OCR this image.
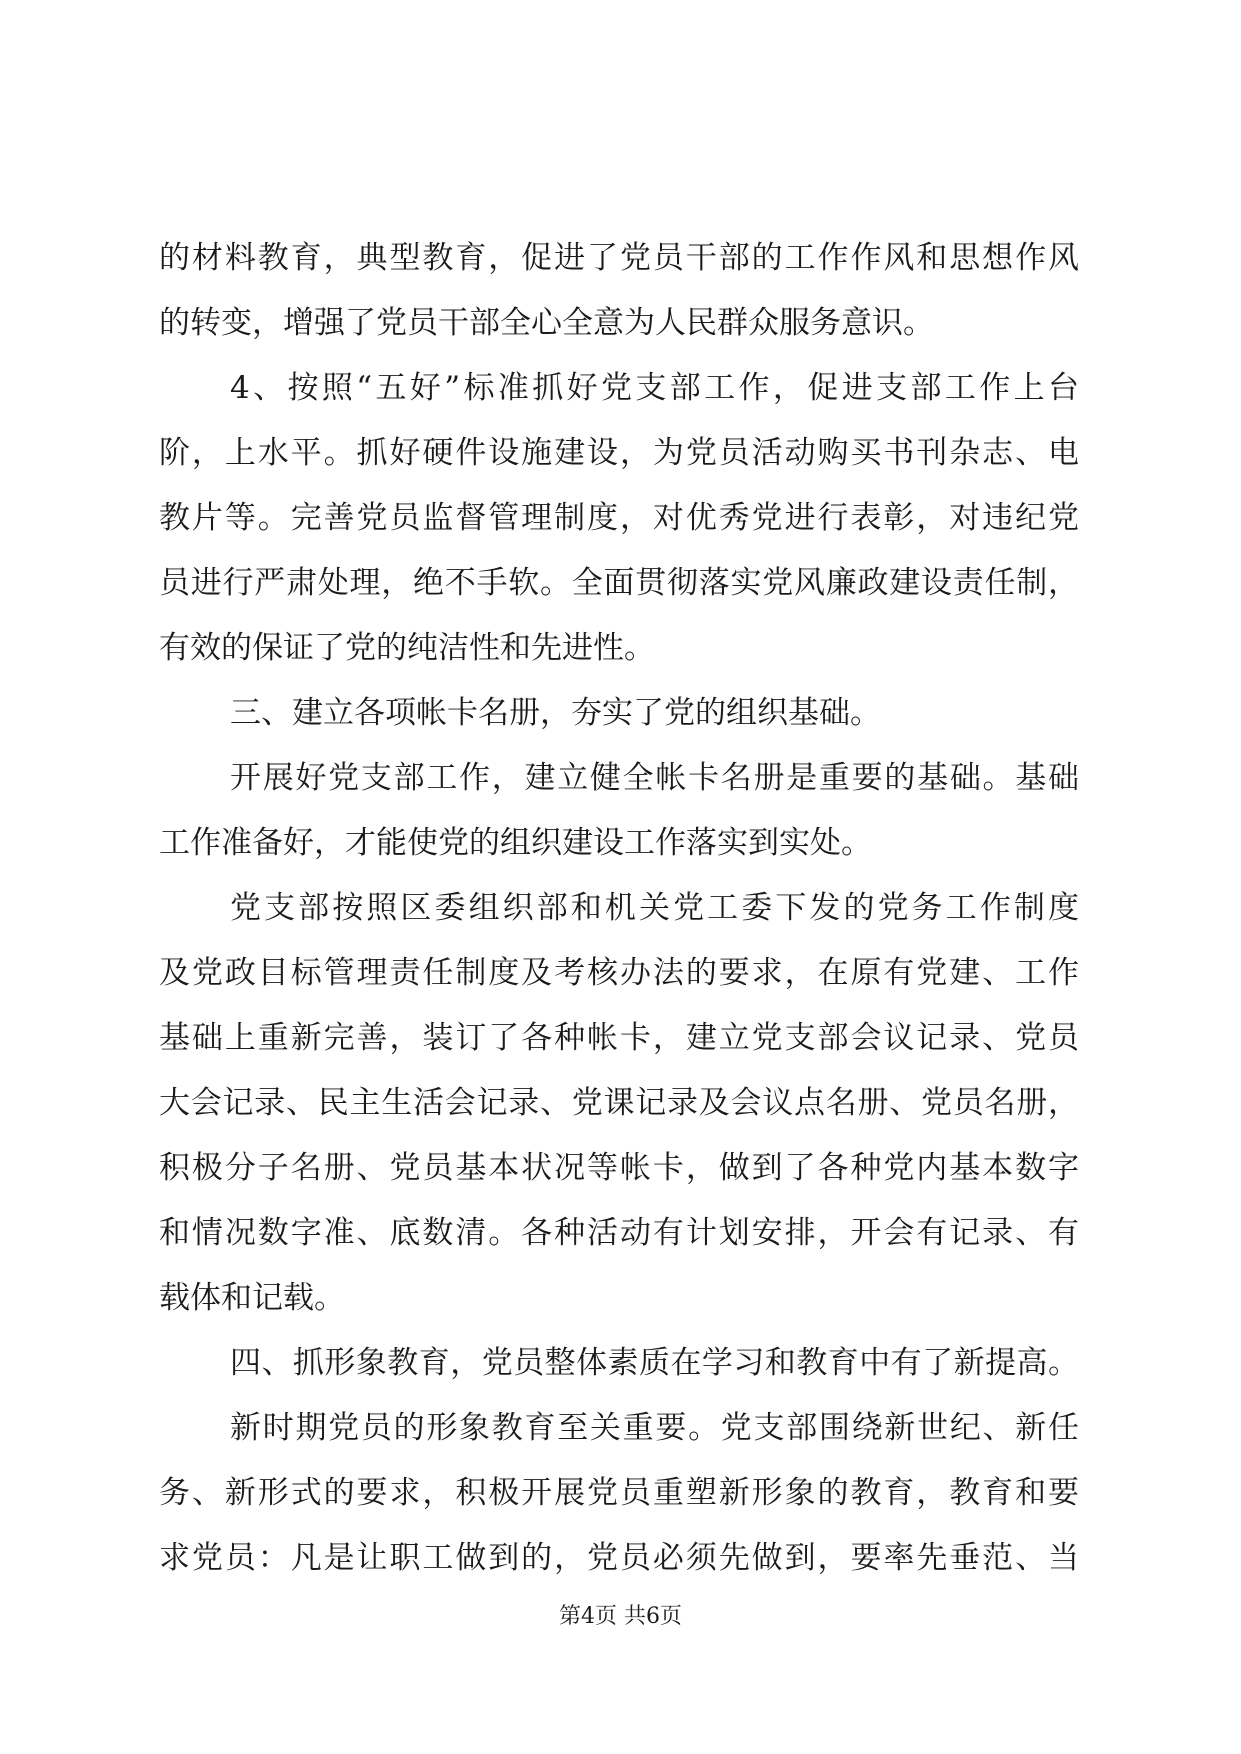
的材料教育，典型教育，促进了党员干部的工作作风和思想作风
的转变，增强了党员干部全心全意为人民群众服务意识。
4、按照“五好”标准抓好党支部工作，促进支部工作上台
阶，上水平。抓好硬件设施建设，为党员活动购买书刊杂志、电
教片等。完善党员监督管理制度，对优秀党进行表彰，对违纪党
员进行严肃处理，绝不手软。全面贯彻落实党风廉政建设责任制，
有效的保证了党的纯洁性和先进性。
三、建立各项帐卡名册，夯实了党的组织基础。
开展好党支部工作，建立健全帐卡名册是重要的基础。基础
工作准备好，才能使党的组织建设工作落实到实处。
党支部按照区委组织部和机关党工委下发的党务工作制度
及党政目标管理责任制度及考核办法的要求，在原有党建、工作
基础上重新完善，装订了各种帐卡，建立党支部会议记录、党员
大会记录、民主生活会记录、党课记录及会议点名册、党员名册，
积极分子名册、党员基本状况等帐卡，做到了各种党内基本数字
和情况数字准、底数清。各种活动有计划安排，开会有记录、有
载体和记载。
四、抓形象教育，党员整体素质在学习和教育中有了新提高。
新时期党员的形象教育至关重要。党支部围绕新世纪、新任
务、新形式的要求，积极开展党员重塑新形象的教育，教育和要
求党员：凡是让职工做到的，党员必须先做到，要率先垂范、当
第4页 共6页
